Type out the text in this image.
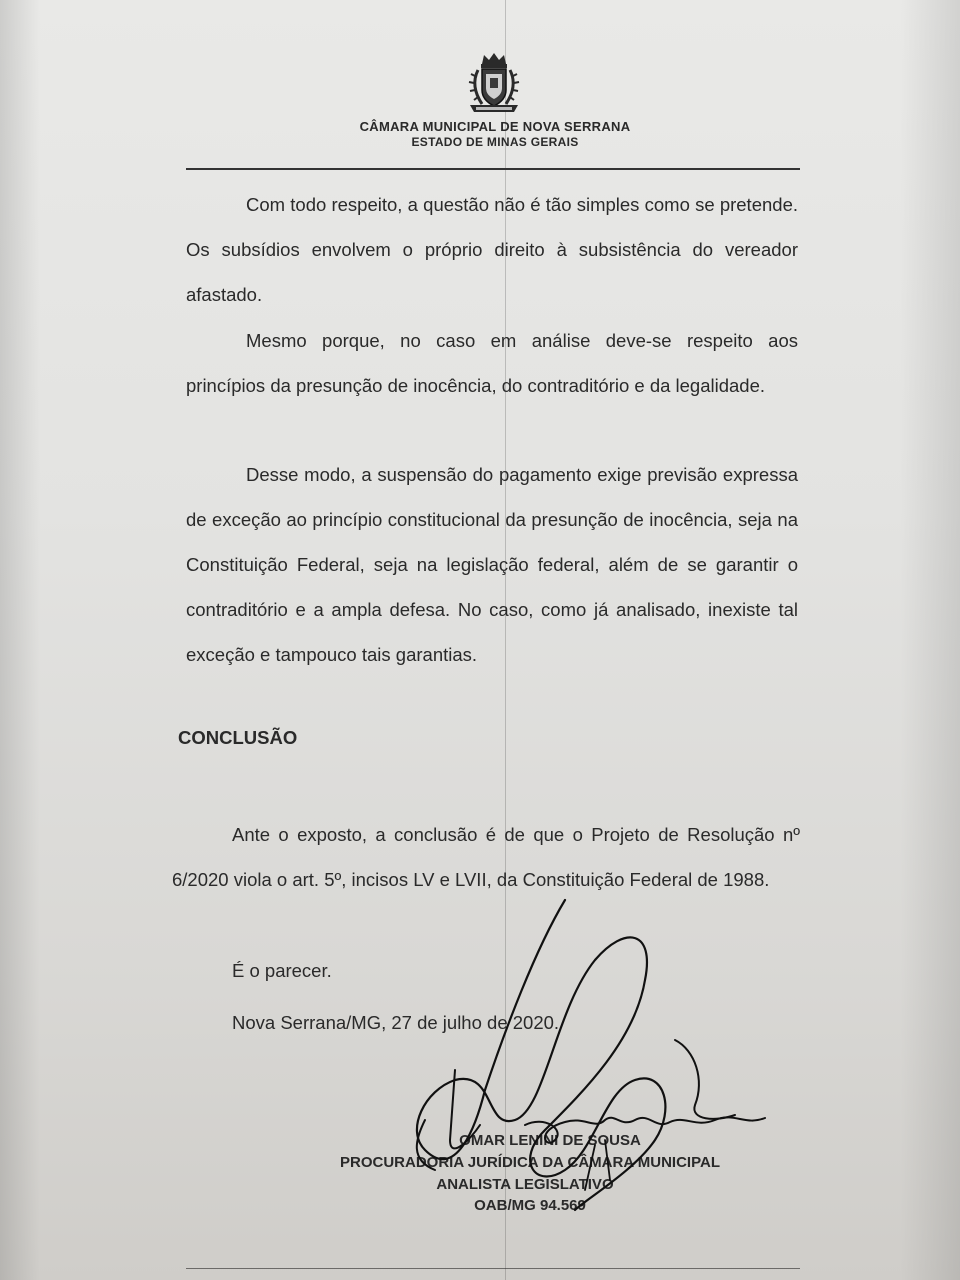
CÂMARA MUNICIPAL DE NOVA SERRANA
ESTADO DE MINAS GERAIS

Com todo respeito, a questão não é tão simples como se pretende. Os subsídios envolvem o próprio direito à subsistência do vereador afastado.

Mesmo porque, no caso em análise deve-se respeito aos princípios da presunção de inocência, do contraditório e da legalidade.

Desse modo, a suspensão do pagamento exige previsão expressa de exceção ao princípio constitucional da presunção de inocência, seja na Constituição Federal, seja na legislação federal, além de se garantir o contraditório e a ampla defesa. No caso, como já analisado, inexiste tal exceção e tampouco tais garantias.

CONCLUSÃO

Ante o exposto, a conclusão é de que o Projeto de Resolução nº 6/2020 viola o art. 5º, incisos LV e LVII, da Constituição Federal de 1988.

É o parecer.
Nova Serrana/MG, 27 de julho de 2020.
OMAR LENINI DE SOUSA
PROCURADORIA JURÍDICA DA CÂMARA MUNICIPAL
ANALISTA LEGISLATIVO
OAB/MG 94.569
